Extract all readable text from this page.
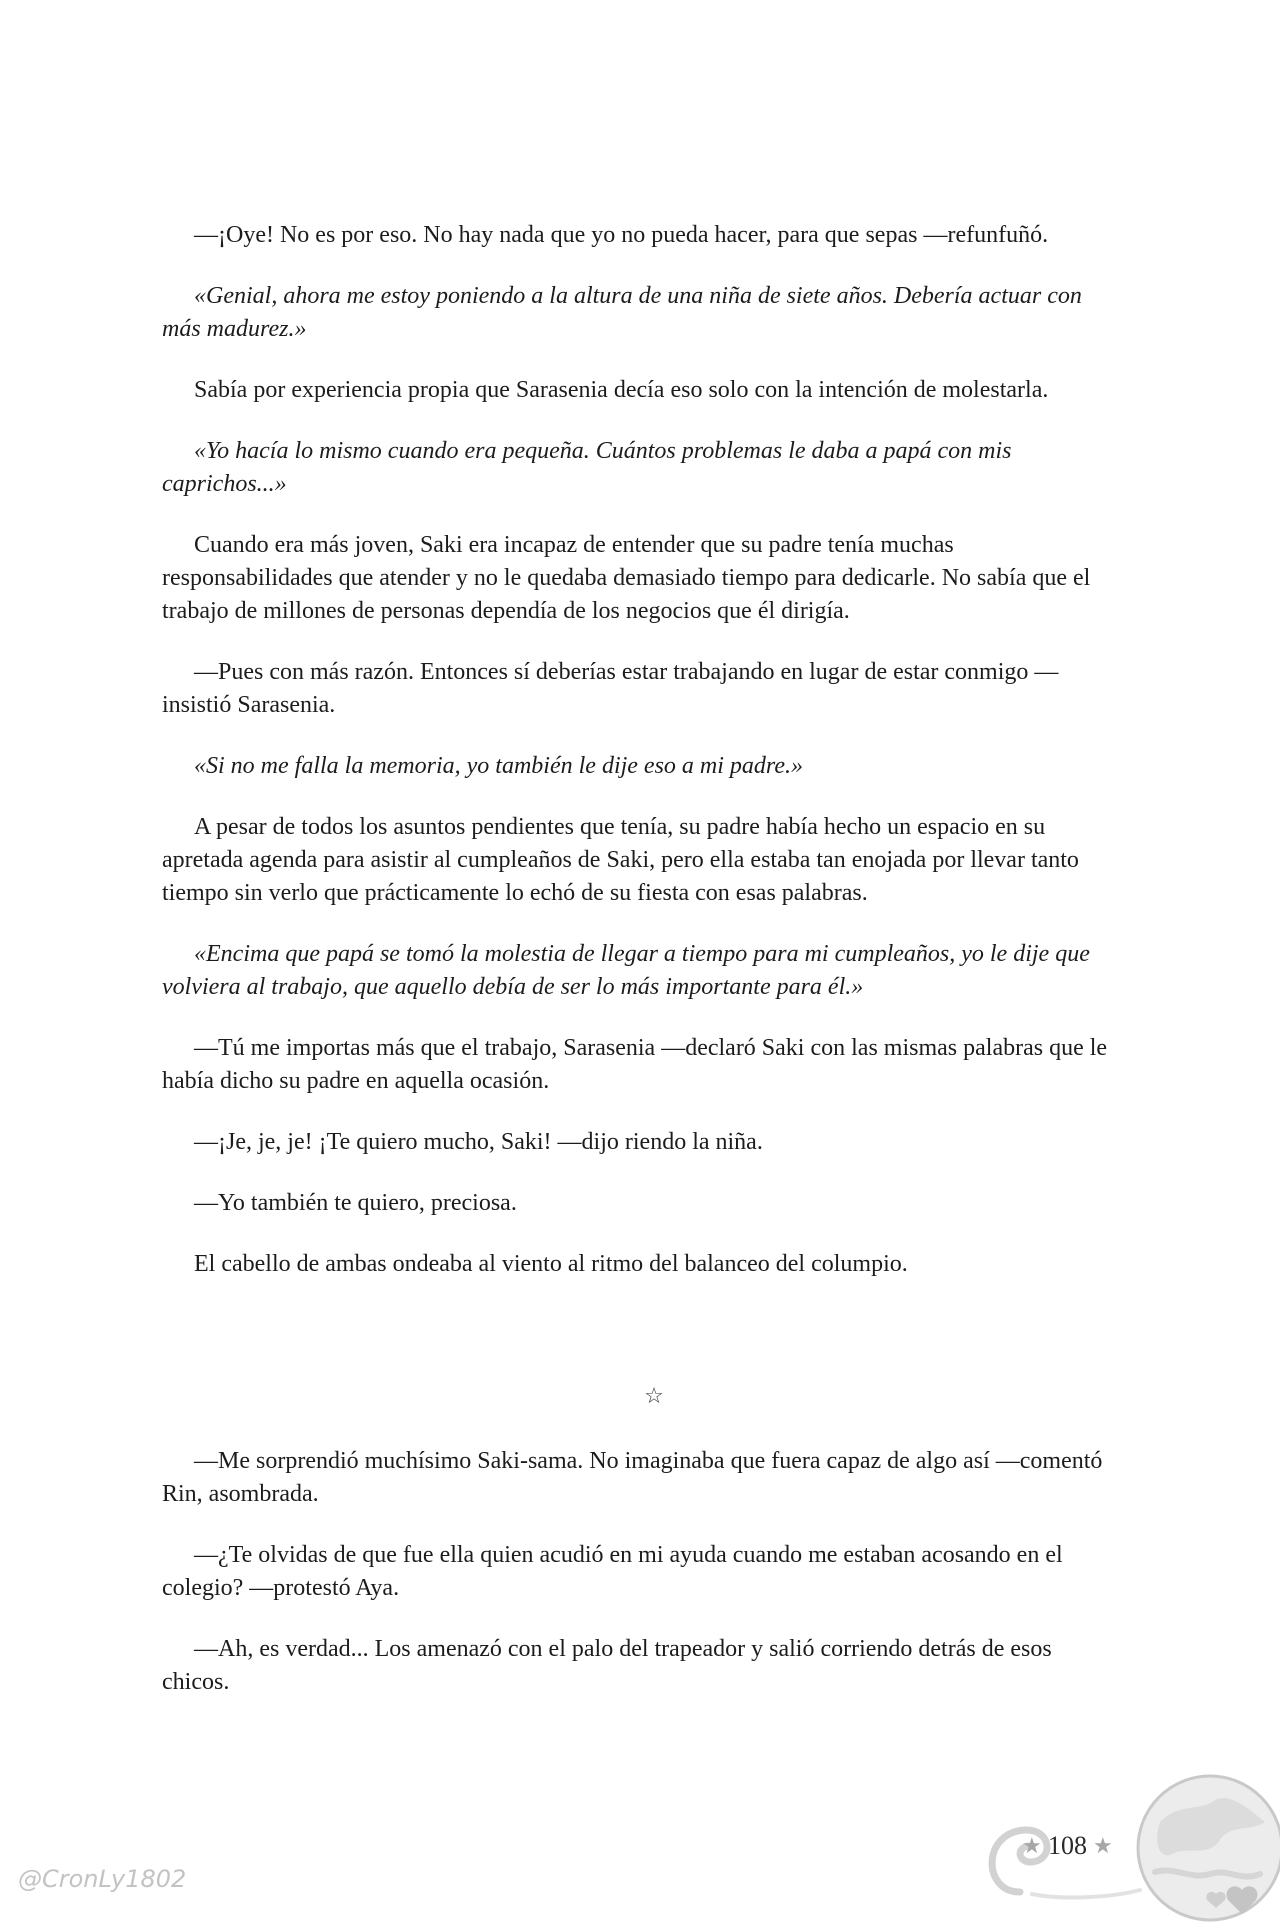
—¡Oye! No es por eso. No hay nada que yo no pueda hacer, para que sepas —refunfuñó.

«Genial, ahora me estoy poniendo a la altura de una niña de siete años. Debería actuar con más madurez.»

Sabía por experiencia propia que Sarasenia decía eso solo con la intención de molestarla.

«Yo hacía lo mismo cuando era pequeña. Cuántos problemas le daba a papá con mis caprichos...»

Cuando era más joven, Saki era incapaz de entender que su padre tenía muchas responsabilidades que atender y no le quedaba demasiado tiempo para dedicarle. No sabía que el trabajo de millones de personas dependía de los negocios que él dirigía.

—Pues con más razón. Entonces sí deberías estar trabajando en lugar de estar conmigo —insistió Sarasenia.

«Si no me falla la memoria, yo también le dije eso a mi padre.»

A pesar de todos los asuntos pendientes que tenía, su padre había hecho un espacio en su apretada agenda para asistir al cumpleaños de Saki, pero ella estaba tan enojada por llevar tanto tiempo sin verlo que prácticamente lo echó de su fiesta con esas palabras.

«Encima que papá se tomó la molestia de llegar a tiempo para mi cumpleaños, yo le dije que volviera al trabajo, que aquello debía de ser lo más importante para él.»

—Tú me importas más que el trabajo, Sarasenia —declaró Saki con las mismas palabras que le había dicho su padre en aquella ocasión.

—¡Je, je, je! ¡Te quiero mucho, Saki! —dijo riendo la niña.

—Yo también te quiero, preciosa.

El cabello de ambas ondeaba al viento al ritmo del balanceo del columpio.

☆

—Me sorprendió muchísimo Saki-sama. No imaginaba que fuera capaz de algo así —comentó Rin, asombrada.

—¿Te olvidas de que fue ella quien acudió en mi ayuda cuando me estaban acosando en el colegio? —protestó Aya.

—Ah, es verdad... Los amenazó con el palo del trapeador y salió corriendo detrás de esos chicos.

★ 108 ★
@CronLy1802
